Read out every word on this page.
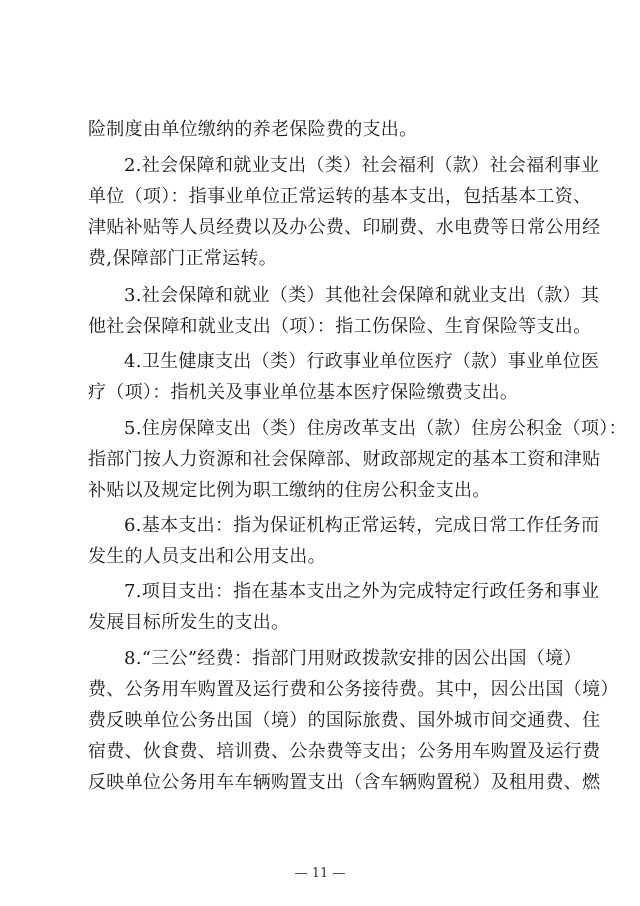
险制度由单位缴纳的养老保险费的支出。
2.社会保障和就业支出（类）社会福利（款）社会福利事业
单位（项）：指事业单位正常运转的基本支出，包括基本工资、
津贴补贴等人员经费以及办公费、印刷费、水电费等日常公用经
费,保障部门正常运转。
3.社会保障和就业（类）其他社会保障和就业支出（款）其
他社会保障和就业支出（项）：指工伤保险、生育保险等支出。
4.卫生健康支出（类）行政事业单位医疗（款）事业单位医
疗（项）：指机关及事业单位基本医疗保险缴费支出。
5.住房保障支出（类）住房改革支出（款）住房公积金（项）：
指部门按人力资源和社会保障部、财政部规定的基本工资和津贴
补贴以及规定比例为职工缴纳的住房公积金支出。
6.基本支出：指为保证机构正常运转，完成日常工作任务而
发生的人员支出和公用支出。
7.项目支出：指在基本支出之外为完成特定行政任务和事业
发展目标所发生的支出。
8.“三公”经费：指部门用财政拨款安排的因公出国（境）
费、公务用车购置及运行费和公务接待费。其中，因公出国（境）
费反映单位公务出国（境）的国际旅费、国外城市间交通费、住
宿费、伙食费、培训费、公杂费等支出；公务用车购置及运行费
反映单位公务用车车辆购置支出（含车辆购置税）及租用费、燃
— 11 —
